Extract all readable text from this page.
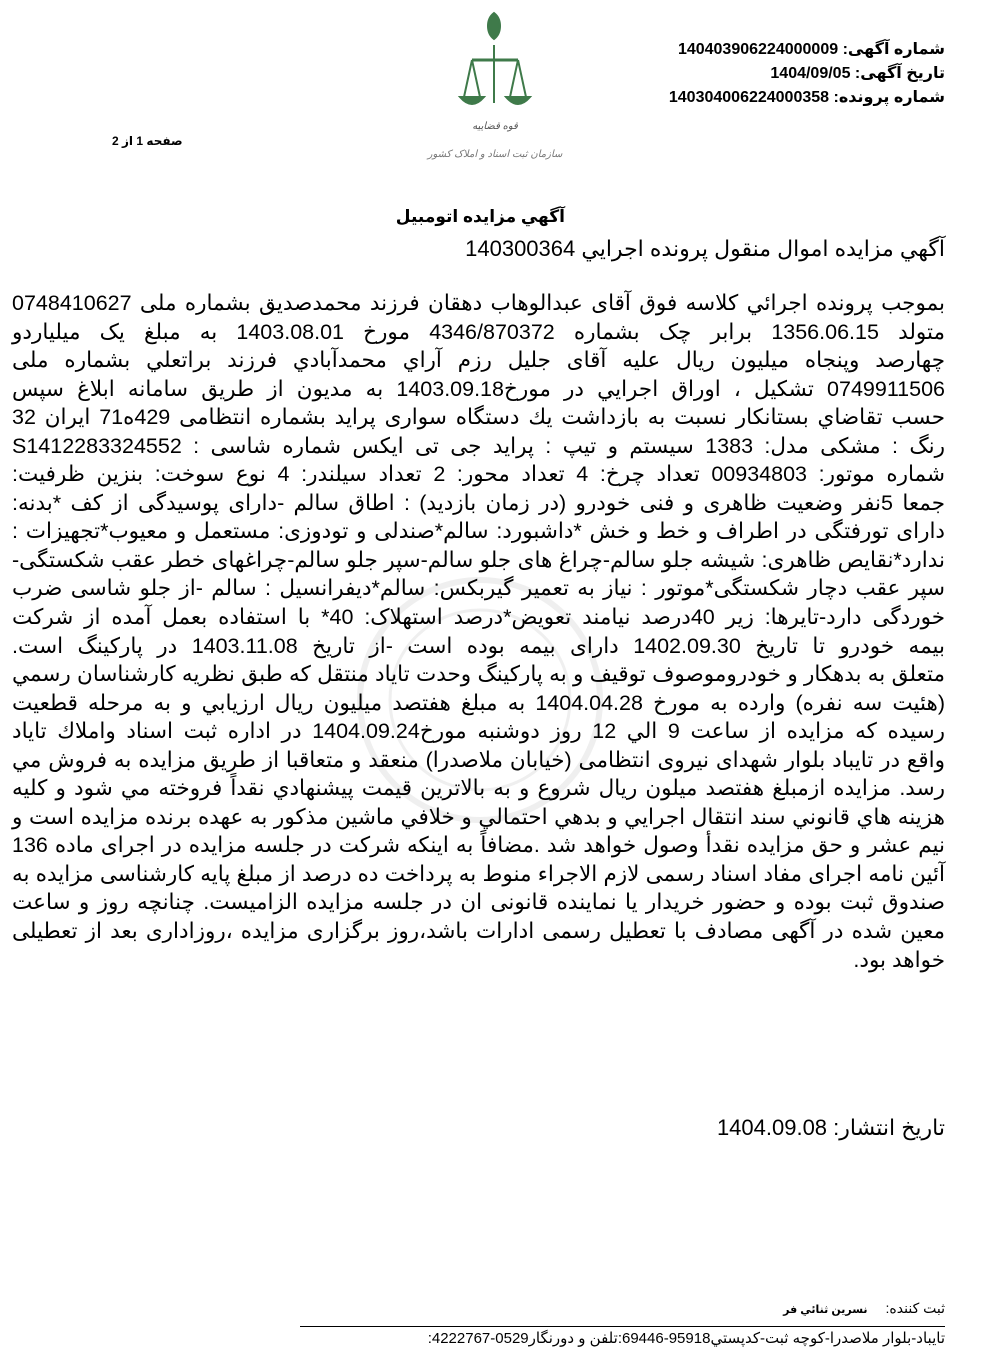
شماره آگهی: 14040390622400000​9
تاریخ آگهی: 1404/09/05
شماره پرونده: 140304006224000358
قوه قضاییه
سازمان ثبت اسناد و املاک کشور
صفحه 1 از 2
آگهي مزايده اتومبيل
آگهي مزايده اموال منقول پرونده اجرايي 140300364
بموجب پرونده اجرائي كلاسه فوق آقای عبدالوهاب دهقان فرزند محمدصدیق بشماره ملی 0748410627
متولد 1356.06.15 برابر چک بشماره 4346/870372 مورخ 1403.08.01 به مبلغ یک میلیاردو
چهارصد وپنجاه میلیون ریال علیه آقای جلیل رزم آراي محمدآبادي فرزند براتعلي بشماره ملی
0749911506 تشکیل ، اوراق اجرايي در مورخ1403.09.18 به مدیون از طریق سامانه ابلاغ سپس
حسب تقاضاي بستانكار نسبت به بازداشت يك دستگاه سواری پراید بشماره انتظامی 429ه71 ایران 32
رنگ : مشکی مدل: 1383 سیستم و تیپ : پراید جی تی ایکس شماره شاسی : S1412283324552
شماره موتور: 00934803 تعداد چرخ: 4 تعداد محور: 2 تعداد سیلندر: 4 نوع سوخت: بنزین ظرفیت:
جمعا 5نفر وضعیت ظاهری و فنی خودرو (در زمان بازدید) : اطاق سالم -دارای پوسیدگی از کف *بدنه:
دارای تورفتگی در اطراف و خط و خش *داشبورد: سالم*صندلی و تودوزی: مستعمل و معیوب*تجهیزات :
ندارد*نقایص ظاهری: شیشه جلو سالم-چراغ های جلو سالم-سپر جلو سالم-چراغهای خطر عقب شکستگی-
سپر عقب دچار شکستگی*موتور : نیاز به تعمیر گیربکس: سالم*دیفرانسیل : سالم -از جلو شاسی ضرب
خوردگی دارد-تایرها: زیر 40درصد نیامند تعویض*درصد استهلاک: 40* با استفاده بعمل آمده از شرکت
بیمه خودرو تا تاریخ 1402.09.30 دارای بیمه بوده است -از تاریخ 1403.11.08 در پارکینگ است.
متعلق به بدهكار و خودروموصوف توقيف و به پاركينگ وحدت تاياد منتقل كه طبق نظريه كارشناسان رسمي
(هئيت سه نفره) وارده به مورخ 1404.04.28 به مبلغ هفتصد ميليون ريال ارزيابي و به مرحله قطعيت
رسيده كه مزايده از ساعت 9 الي 12 روز دوشنبه مورخ1404.09.24 در اداره ثبت اسناد واملاك تاياد
واقع در تایباد بلوار شهدای نیروی انتظامی (خیابان ملاصدرا) منعقد و متعاقبا از طريق مزايده به فروش مي
رسد. مزايده ازمبلغ هفتصد ميلون ريال شروع و به بالاترين قيمت پيشنهادي نقداً فروخته مي شود و كليه
هزينه هاي قانوني سند انتقال اجرايي و بدهي احتمالي و خلافي ماشين مذكور به عهده برنده مزايده است و
نیم عشر و حق مزایده نقدأ وصول خواهد شد .مضافاً به اینکه شرکت در جلسه مزایده در اجرای ماده 136
آئین نامه اجرای مفاد اسناد رسمی لازم الاجراء منوط به پرداخت ده درصد از مبلغ پایه کارشناسی مزایده به
صندوق ثبت بوده و حضور خریدار یا نماینده قانونی ان در جلسه مزایده الزامیست. چنانچه روز و ساعت
معین شده در آگهی مصادف با تعطیل رسمی ادارات باشد،روز برگزاری مزایده ،روزاداری بعد از تعطیلی
خواهد بود.
تاریخ انتشار: 1404.09.08
ثبت كننده:نسرين ثنائي فر
تایباد-بلوار ملاصدرا-کوچه ثبت-کدپستي95918-69446:تلفن و دورنگار0529-4222767:
